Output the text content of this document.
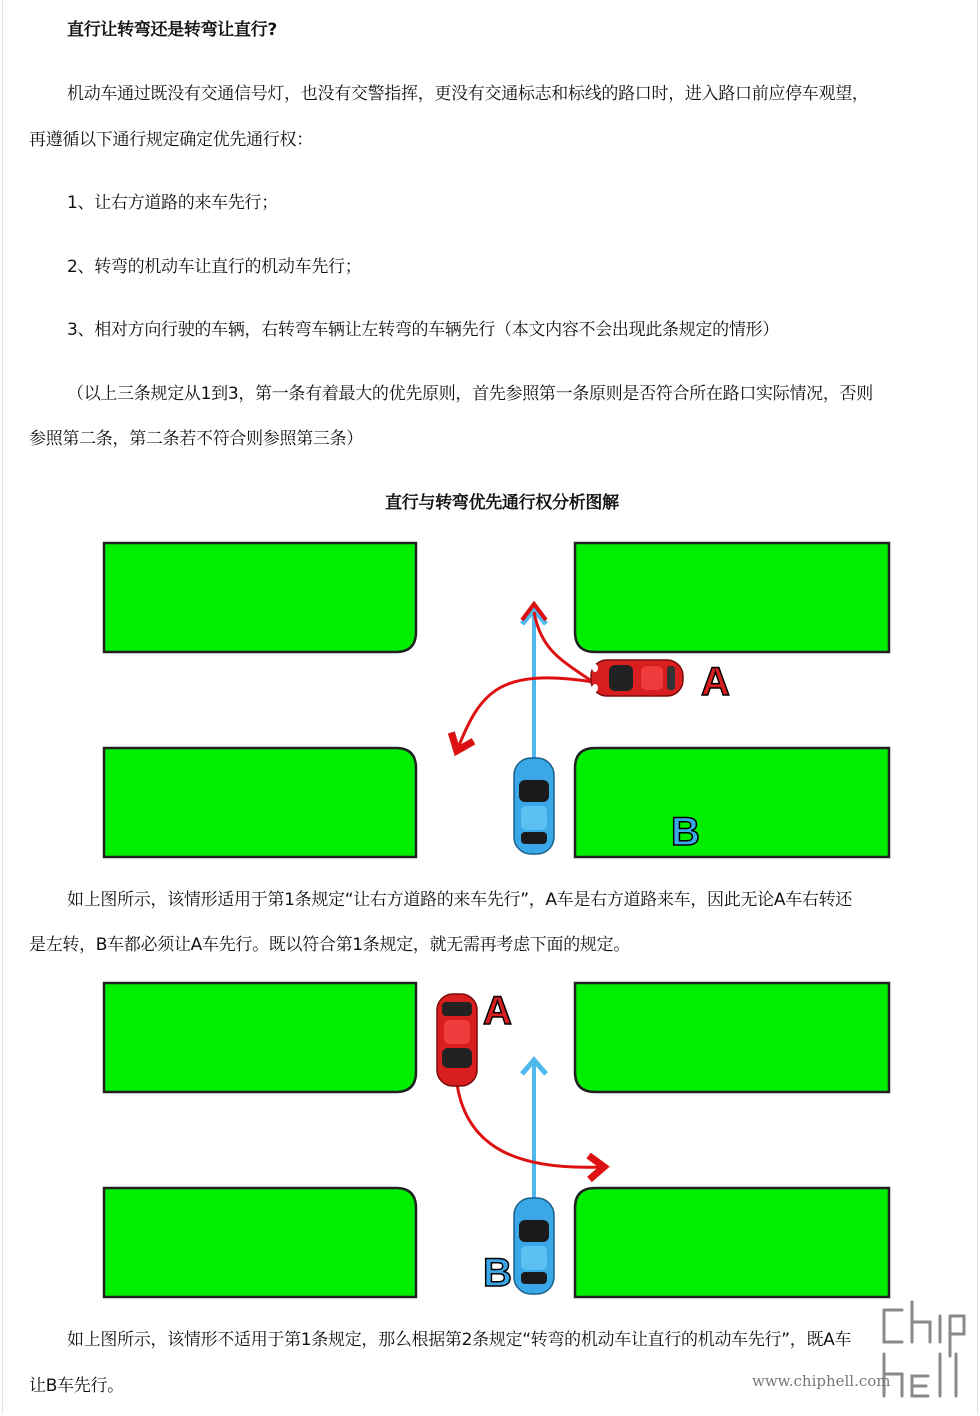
直行让转弯还是转弯让直行?
机动车通过既没有交通信号灯，也没有交警指挥，更没有交通标志和标线的路口时，进入路口前应停车观望，
再遵循以下通行规定确定优先通行权：
1、让右方道路的来车先行；
2、转弯的机动车让直行的机动车先行；
3、相对方向行驶的车辆，右转弯车辆让左转弯的车辆先行（本文内容不会出现此条规定的情形）
（以上三条规定从1到3，第一条有着最大的优先原则，首先参照第一条原则是否符合所在路口实际情况，否则
参照第二条，第二条若不符合则参照第三条）
直行与转弯优先通行权分析图解
A
B
如上图所示，该情形适用于第1条规定“让右方道路的来车先行”，A车是右方道路来车，因此无论A车右转还
是左转，B车都必须让A车先行。既以符合第1条规定，就无需再考虑下面的规定。
A
B
如上图所示，该情形不适用于第1条规定，那么根据第2条规定“转弯的机动车让直行的机动车先行”，既A车
让B车先行。	www.chiphell.com
